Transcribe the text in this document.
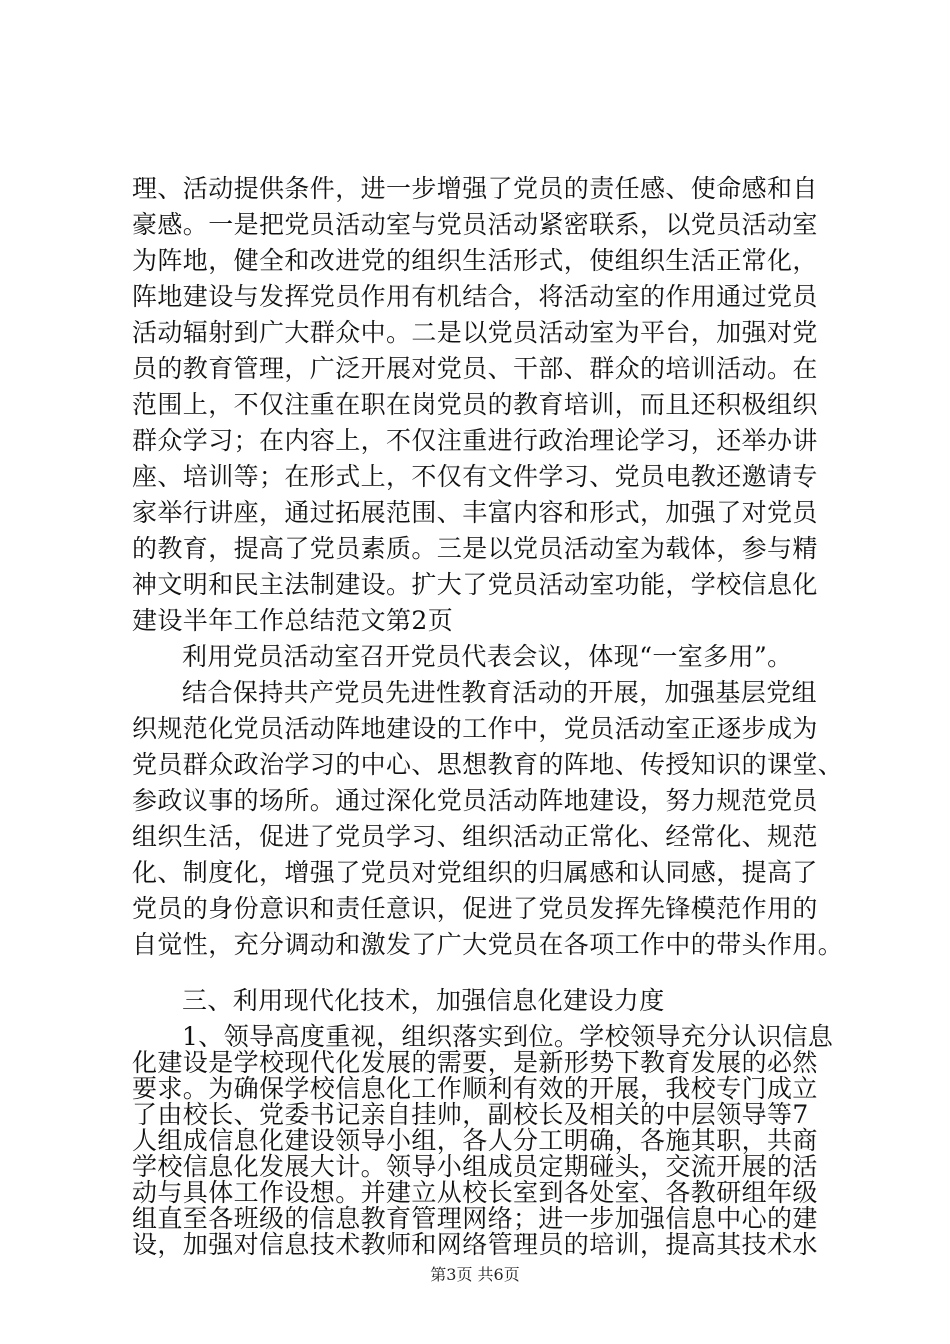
理、活动提供条件，进一步增强了党员的责任感、使命感和自
豪感。一是把党员活动室与党员活动紧密联系，以党员活动室
为阵地，健全和改进党的组织生活形式，使组织生活正常化，
阵地建设与发挥党员作用有机结合，将活动室的作用通过党员
活动辐射到广大群众中。二是以党员活动室为平台，加强对党
员的教育管理，广泛开展对党员、干部、群众的培训活动。在
范围上，不仅注重在职在岗党员的教育培训，而且还积极组织
群众学习；在内容上，不仅注重进行政治理论学习，还举办讲
座、培训等；在形式上，不仅有文件学习、党员电教还邀请专
家举行讲座，通过拓展范围、丰富内容和形式，加强了对党员
的教育，提高了党员素质。三是以党员活动室为载体，参与精
神文明和民主法制建设。扩大了党员活动室功能，学校信息化
建设半年工作总结范文第2页
利用党员活动室召开党员代表会议，体现“一室多用”。
结合保持共产党员先进性教育活动的开展，加强基层党组
织规范化党员活动阵地建设的工作中，党员活动室正逐步成为
党员群众政治学习的中心、思想教育的阵地、传授知识的课堂、
参政议事的场所。通过深化党员活动阵地建设，努力规范党员
组织生活，促进了党员学习、组织活动正常化、经常化、规范
化、制度化，增强了党员对党组织的归属感和认同感，提高了
党员的身份意识和责任意识，促进了党员发挥先锋模范作用的
自觉性，充分调动和激发了广大党员在各项工作中的带头作用。
三、利用现代化技术，加强信息化建设力度
1、领导高度重视，组织落实到位。学校领导充分认识信息
化建设是学校现代化发展的需要，是新形势下教育发展的必然
要求。为确保学校信息化工作顺利有效的开展，我校专门成立
了由校长、党委书记亲自挂帅，副校长及相关的中层领导等7
人组成信息化建设领导小组，各人分工明确，各施其职，共商
学校信息化发展大计。领导小组成员定期碰头，交流开展的活
动与具体工作设想。并建立从校长室到各处室、各教研组年级
组直至各班级的信息教育管理网络；进一步加强信息中心的建
设，加强对信息技术教师和网络管理员的培训，提高其技术水
第3页 共6页
